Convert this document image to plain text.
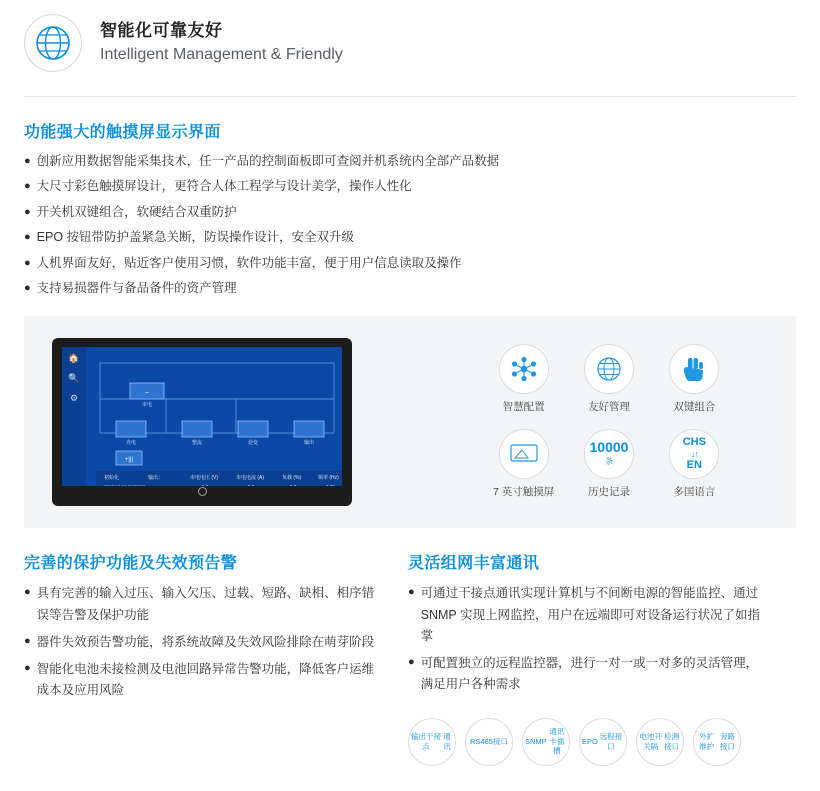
智能化可靠友好
Intelligent Management & Friendly
功能强大的触摸屏显示界面
● 创新应用数据智能采集技术，任一产品的控制面板即可查阅并机系统内全部产品数据
● 大尺寸彩色触摸屏设计，更符合人体工程学与设计美学，操作人性化
● 开关机双键组合，软硬结合双重防护
● EPO 按钮带防护盖紧急关断，防误操作设计，安全双升级
● 人机界面友好，贴近客户使用习惯，软件功能丰富，便于用户信息读取及操作
● 支持易损器件与备品备件的资产管理
🏠
🔍
⚙	~
市电
充电	整流	逆变	输出
+|||
初始化	输出：	市电电压 (V)	市电电流 (A)	负载 (%)	频率 (Hz)
2017.12.12 20:08:12	0.0	0.0	0.0	0.00
智慧配置	友好管理	双键组合
7 英寸触摸屏
10000
条
历史记录
CHS
↓↑
EN
多国语言
完善的保护功能及失效预告警
● 具有完善的输入过压、输入欠压、过载、短路、缺相、相序错误等告警及保护功能
● 器件失效预告警功能，将系统故障及失效风险排除在萌芽阶段
● 智能化电池未接检测及电池回路异常告警功能，降低客户运维成本及应用风险
灵活组网丰富通讯
● 可通过干接点通讯实现计算机与不间断电源的智能监控、通过 SNMP 实现上网监控，用户在远端即可对设备运行状况了如指掌
● 可配置独立的远程监控器，进行一对一或一对多的灵活管理，满足用户各种需求
输出干接点
通讯
RS485接口	SNMP
通讯卡插槽
EPO
远程接口
电池开关隔
检测接口
外扩维护
旁路接口
